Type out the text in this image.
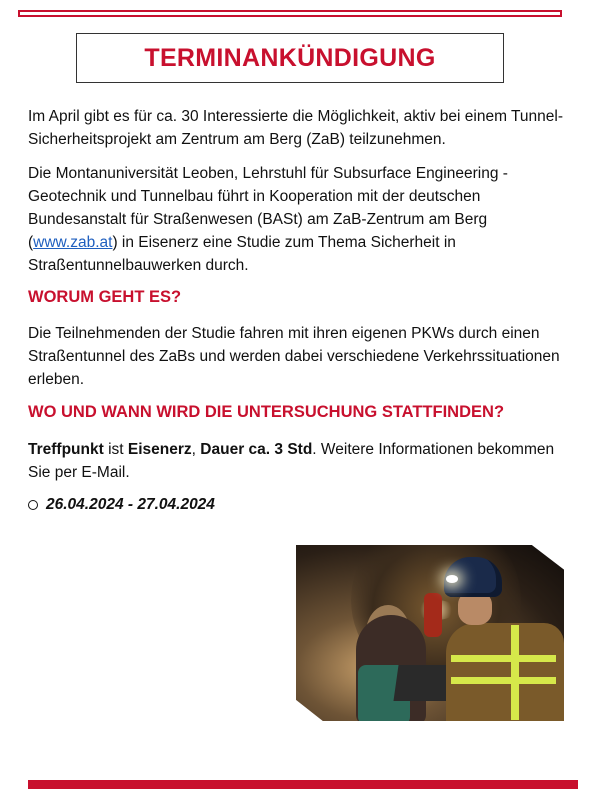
TERMINANKÜNDIGUNG
Im April gibt es für ca. 30 Interessierte die Möglichkeit, aktiv bei einem Tunnel-Sicherheitsprojekt am Zentrum am Berg (ZaB) teilzunehmen.
Die Montanuniversität Leoben, Lehrstuhl für Subsurface Engineering - Geotechnik und Tunnelbau führt in Kooperation mit der deutschen Bundesanstalt für Straßenwesen (BASt) am ZaB-Zentrum am Berg (www.zab.at) in Eisenerz eine Studie zum Thema Sicherheit in Straßentunnelbauwerken durch.
WORUM GEHT ES?
Die Teilnehmenden der Studie fahren mit ihren eigenen PKWs durch einen Straßentunnel des ZaBs und werden dabei verschiedene Verkehrssituationen erleben.
WO UND WANN WIRD DIE UNTERSUCHUNG STATTFINDEN?
Treffpunkt ist Eisenerz, Dauer ca. 3 Std. Weitere Informationen bekommen Sie per E-Mail.
26.04.2024 - 27.04.2024
